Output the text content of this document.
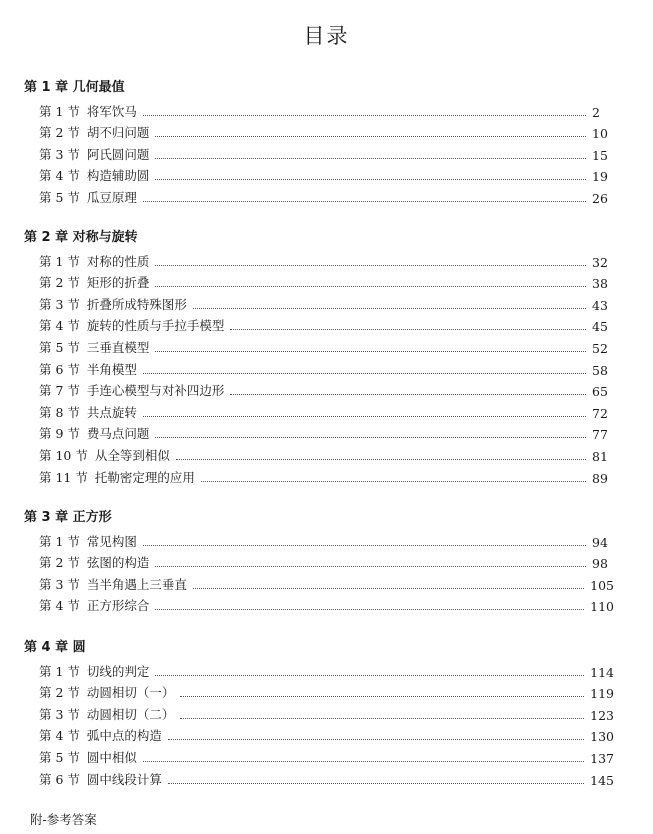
目录
第 1 章 几何最值
第 1 节 将军饮马	2
第 2 节 胡不归问题	10
第 3 节 阿氏圆问题	15
第 4 节 构造辅助圆	19
第 5 节 瓜豆原理	26
第 2 章 对称与旋转
第 1 节 对称的性质	32
第 2 节 矩形的折叠	38
第 3 节 折叠所成特殊图形	43
第 4 节 旋转的性质与手拉手模型	45
第 5 节 三垂直模型	52
第 6 节 半角模型	58
第 7 节 手连心模型与对补四边形	65
第 8 节 共点旋转	72
第 9 节 费马点问题	77
第 10 节 从全等到相似	81
第 11 节 托勒密定理的应用	89
第 3 章 正方形
第 1 节 常见构图	94
第 2 节 弦图的构造	98
第 3 节 当半角遇上三垂直	105
第 4 节 正方形综合	110
第 4 章 圆
第 1 节 切线的判定	114
第 2 节 动圆相切（一）	119
第 3 节 动圆相切（二）	123
第 4 节 弧中点的构造	130
第 5 节 圆中相似	137
第 6 节 圆中线段计算	145
附-参考答案
